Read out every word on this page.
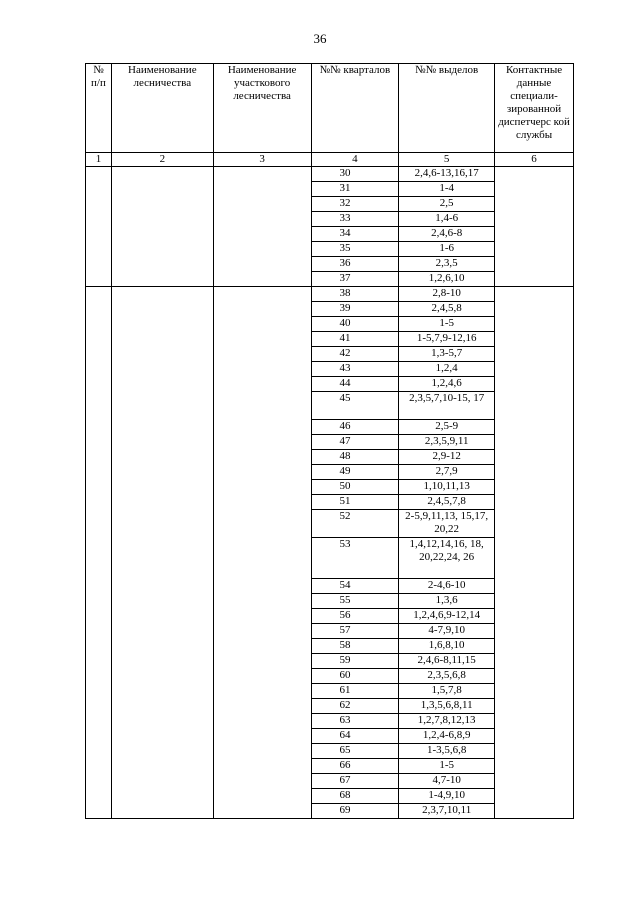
36
№ п/п	Наименование лесничества	Наименование участкового лесничества	№№ кварталов	№№ выделов	Контактные данные специали-зированной диспетчерс кой службы
1	2	3	4	5	6
			30	2,4,6-13,16,17	
			31	1-4	
			32	2,5	
			33	1,4-6	
			34	2,4,6-8	
			35	1-6	
			36	2,3,5	
			37	1,2,6,10	
			38	2,8-10	
			39	2,4,5,8	
			40	1-5	
			41	1-5,7,9-12,16	
			42	1,3-5,7	
			43	1,2,4	
			44	1,2,4,6	
			45	2,3,5,7,10-15, 17	
			46	2,5-9	
			47	2,3,5,9,11	
			48	2,9-12	
			49	2,7,9	
			50	1,10,11,13	
			51	2,4,5,7,8	
			52	2-5,9,11,13, 15,17, 20,22	
			53	1,4,12,14,16, 18, 20,22,24, 26	
			54	2-4,6-10	
			55	1,3,6	
			56	1,2,4,6,9-12,14	
			57	4-7,9,10	
			58	1,6,8,10	
			59	2,4,6-8,11,15	
			60	2,3,5,6,8	
			61	1,5,7,8	
			62	1,3,5,6,8,11	
			63	1,2,7,8,12,13	
			64	1,2,4-6,8,9	
			65	1-3,5,6,8	
			66	1-5	
			67	4,7-10	
			68	1-4,9,10	
			69	2,3,7,10,11	
